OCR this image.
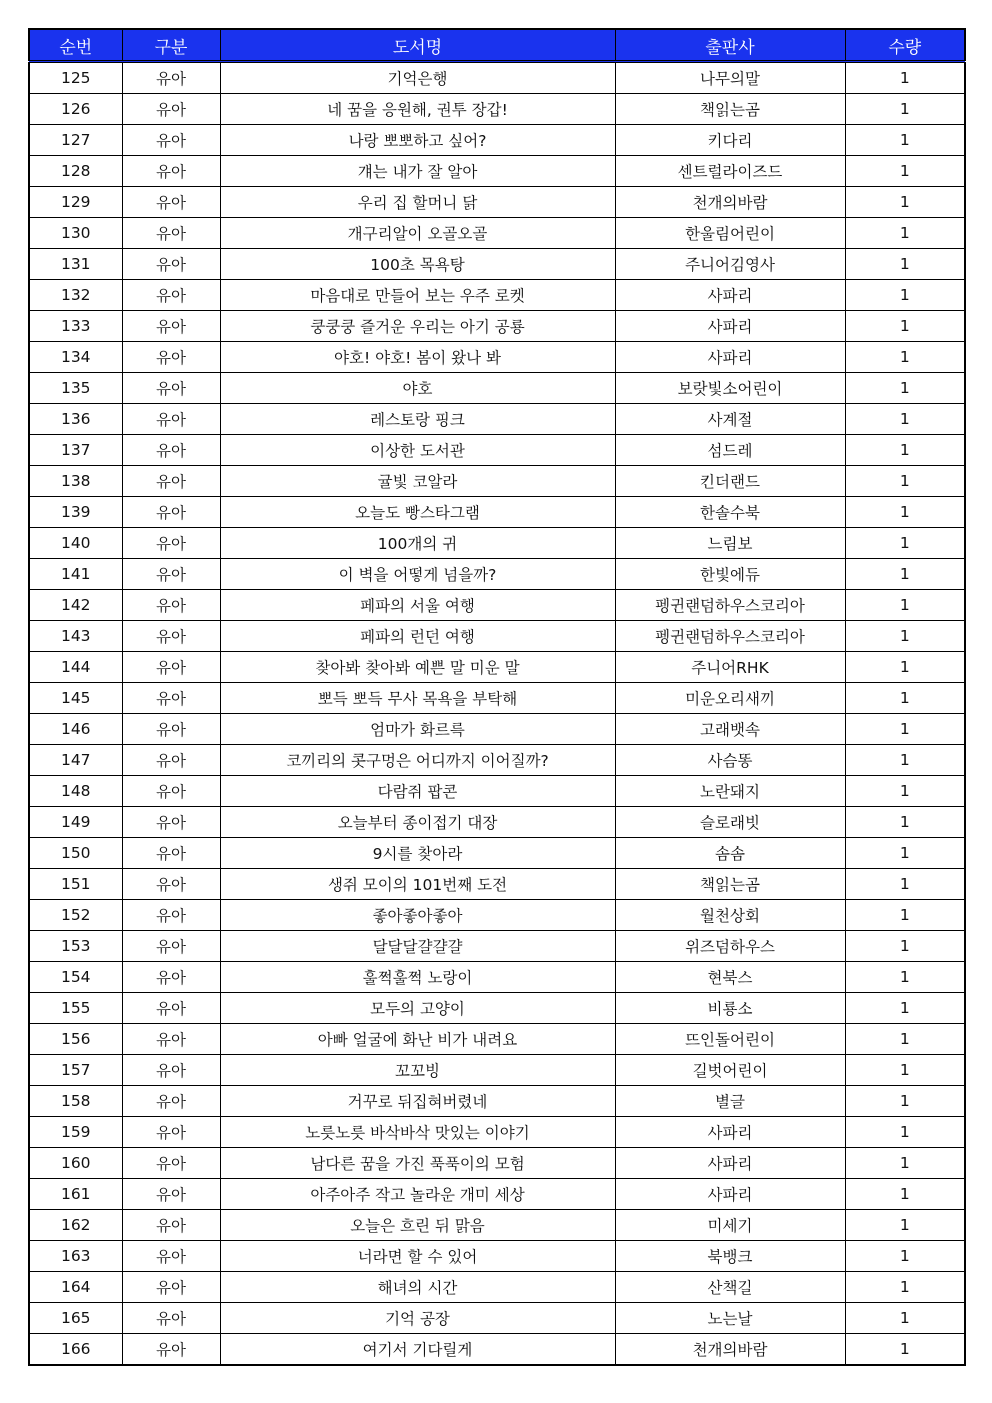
순번	구분	도서명	출판사	수량
125	유아	기억은행	나무의말	1
126	유아	네 꿈을 응원해, 권투 장갑!	책읽는곰	1
127	유아	나랑 뽀뽀하고 싶어?	키다리	1
128	유아	걔는 내가 잘 알아	센트럴라이즈드	1
129	유아	우리 집 할머니 닭	천개의바람	1
130	유아	개구리알이 오골오골	한울림어린이	1
131	유아	100초 목욕탕	주니어김영사	1
132	유아	마음대로 만들어 보는 우주 로켓	사파리	1
133	유아	쿵쿵쿵 즐거운 우리는 아기 공룡	사파리	1
134	유아	야호! 야호! 봄이 왔나 봐	사파리	1
135	유아	야호	보랏빛소어린이	1
136	유아	레스토랑 핑크	사계절	1
137	유아	이상한 도서관	섬드레	1
138	유아	귤빛 코알라	킨더랜드	1
139	유아	오늘도 빵스타그램	한솔수북	1
140	유아	100개의 귀	느림보	1
141	유아	이 벽을 어떻게 넘을까?	한빛에듀	1
142	유아	페파의 서울 여행	펭귄랜덤하우스코리아	1
143	유아	페파의 런던 여행	펭귄랜덤하우스코리아	1
144	유아	찾아봐 찾아봐 예쁜 말 미운 말	주니어RHK	1
145	유아	뽀득 뽀득 무사 목욕을 부탁해	미운오리새끼	1
146	유아	엄마가 화르륵	고래뱃속	1
147	유아	코끼리의 콧구멍은 어디까지 이어질까?	사슴똥	1
148	유아	다람쥐 팝콘	노란돼지	1
149	유아	오늘부터 종이접기 대장	슬로래빗	1
150	유아	9시를 찾아라	솜솜	1
151	유아	생쥐 모이의 101번째 도전	책읽는곰	1
152	유아	좋아좋아좋아	월천상회	1
153	유아	달달달걀걀걀	위즈덤하우스	1
154	유아	훌쩍훌쩍 노랑이	현북스	1
155	유아	모두의 고양이	비룡소	1
156	유아	아빠 얼굴에 화난 비가 내려요	뜨인돌어린이	1
157	유아	꼬꼬빙	길벗어린이	1
158	유아	거꾸로 뒤집혀버렸네	별글	1
159	유아	노릇노릇 바삭바삭 맛있는 이야기	사파리	1
160	유아	남다른 꿈을 가진 푹푹이의 모험	사파리	1
161	유아	아주아주 작고 놀라운 개미 세상	사파리	1
162	유아	오늘은 흐린 뒤 맑음	미세기	1
163	유아	너라면 할 수 있어	북뱅크	1
164	유아	해녀의 시간	산책길	1
165	유아	기억 공장	노는날	1
166	유아	여기서 기다릴게	천개의바람	1
